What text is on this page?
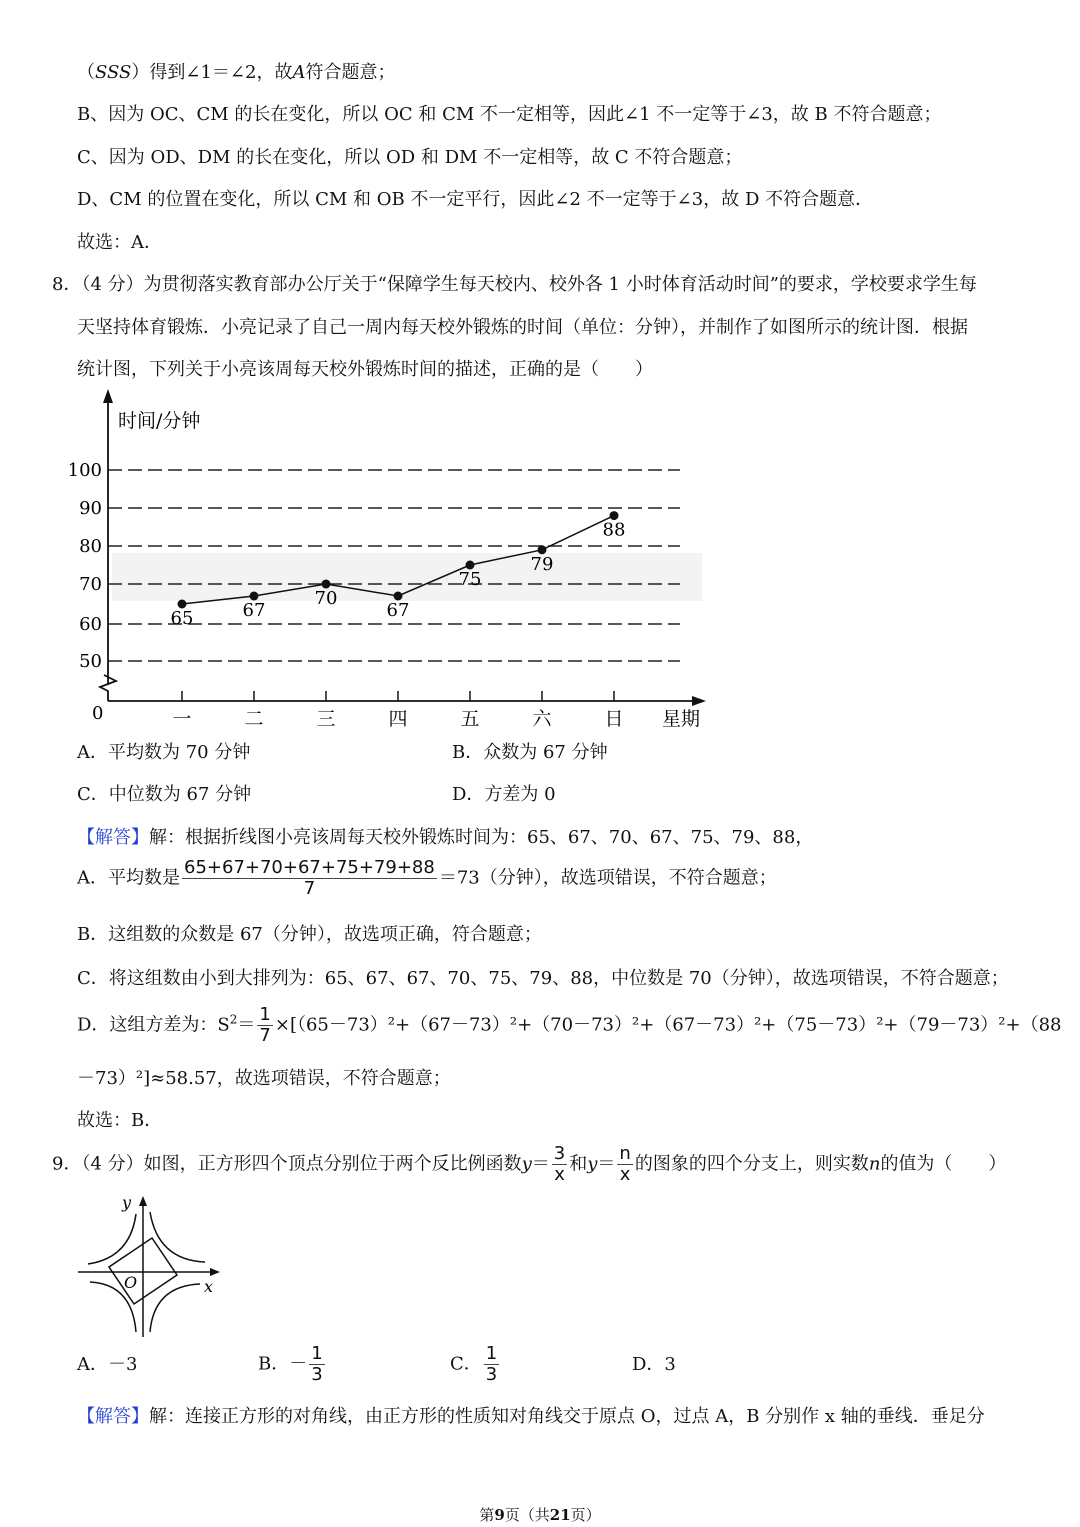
（SSS）得到∠1＝∠2，故A符合题意；
B、因为 OC、CM 的长在变化，所以 OC 和 CM 不一定相等，因此∠1 不一定等于∠3，故 B 不符合题意；
C、因为 OD、DM 的长在变化，所以 OD 和 DM 不一定相等，故 C 不符合题意；
D、CM 的位置在变化，所以 CM 和 OB 不一定平行，因此∠2 不一定等于∠3，故 D 不符合题意．
故选：A．
8．（4 分）为贯彻落实教育部办公厅关于“保障学生每天校内、校外各 1 小时体育活动时间”的要求，学校要求学生每
天坚持体育锻炼．小亮记录了自己一周内每天校外锻炼的时间（单位：分钟），并制作了如图所示的统计图．根据
统计图，下列关于小亮该周每天校外锻炼时间的描述，正确的是（　　）
100
90
80
70
60
50
时间/分钟
0	星期
一	二	三	四	五	六	日
65	67
70
67
75
79
88
A．平均数为 70 分钟	B．众数为 67 分钟
C．中位数为 67 分钟	D．方差为 0
【解答】解：根据折线图小亮该周每天校外锻炼时间为：65、67、70、67、75、79、88，
A．平均数是 $\frac{65+67+70+67+75+79+88}{7} =73$（分钟），故选项错误，不符合题意；
B．这组数的众数是 67（分钟），故选项正确，符合题意；
C．将这组数由小到大排列为：65、67、67、70、75、79、88，中位数是 70（分钟），故选项错误，不符合题意；
D．这组方差为：$S^2= \frac{1}{7} \times[(65-73)^2+(67-73)^2+(70-73)^2+(67-73)^2+(75-73)^2+(79-73)^2+(88$
－73）²]≈58.57，故选项错误，不符合题意；
故选：B．
9．（4 分）如图，正方形四个顶点分别位于两个反比例函数$y= \frac{3}{x}$ 和$y= \frac{n}{x}$ 的图象的四个分支上，则实数n的值为（　　）
y
x
O
A．－3	B．－ $\frac{1}{3}$	C． $\frac{1}{3}$	D．3
【解答】解：连接正方形的对角线，由正方形的性质知对角线交于原点 O，过点 A，B 分别作 x 轴的垂线．垂足分
第9页（共21页）
